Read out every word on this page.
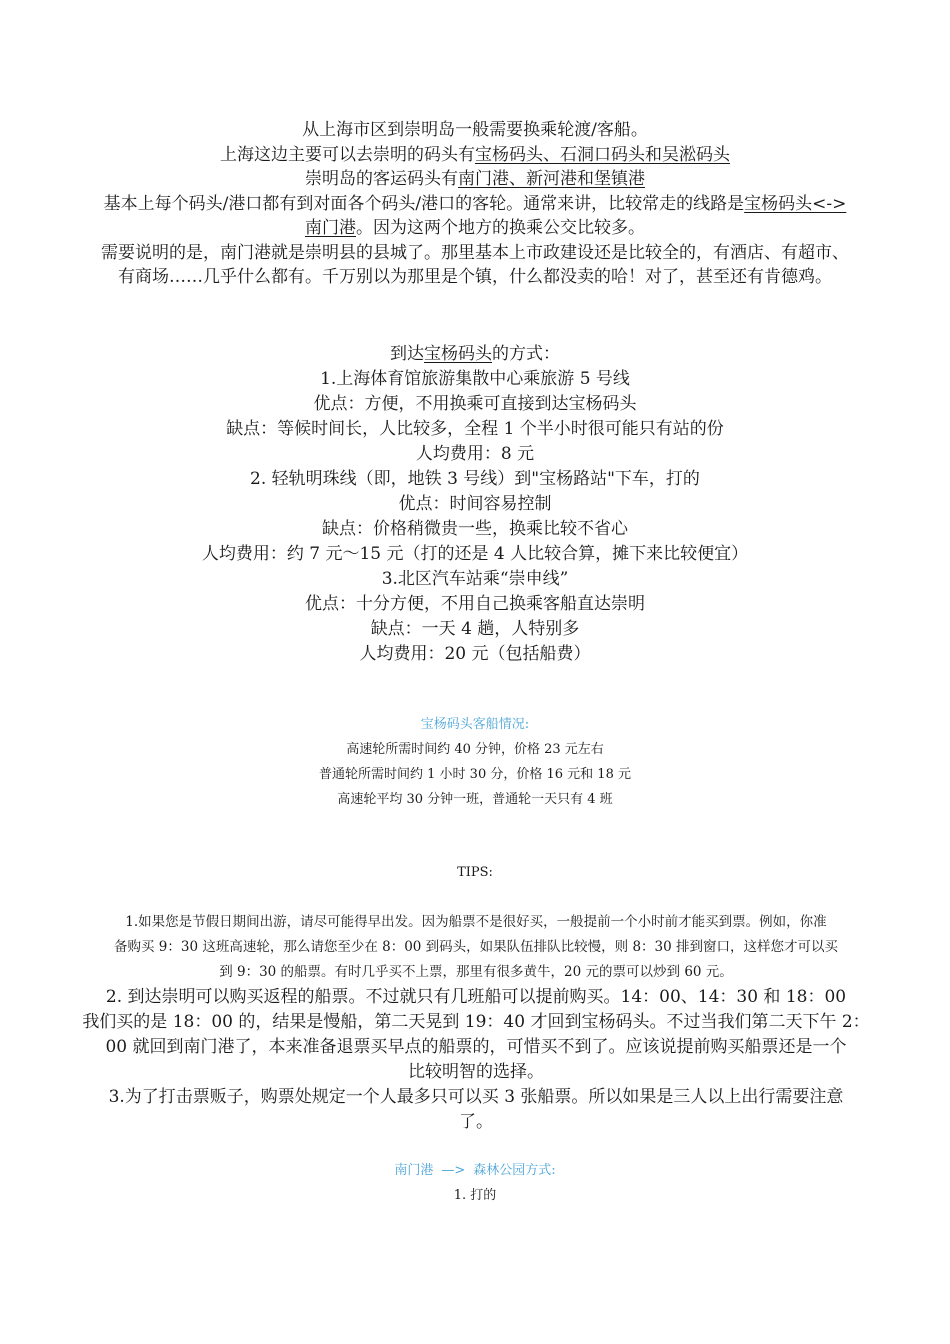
从上海市区到崇明岛一般需要换乘轮渡/客船。
上海这边主要可以去崇明的码头有宝杨码头、石洞口码头和吴淞码头
崇明岛的客运码头有南门港、新河港和堡镇港
基本上每个码头/港口都有到对面各个码头/港口的客轮。通常来讲，比较常走的线路是宝杨码头<->
南门港。因为这两个地方的换乘公交比较多。
需要说明的是，南门港就是崇明县的县城了。那里基本上市政建设还是比较全的，有酒店、有超市、
有商场……几乎什么都有。千万别以为那里是个镇，什么都没卖的哈！对了，甚至还有肯德鸡。
到达宝杨码头的方式：
1.上海体育馆旅游集散中心乘旅游 5 号线
优点：方便，不用换乘可直接到达宝杨码头
缺点：等候时间长，人比较多，全程 1 个半小时很可能只有站的份
人均费用：8 元
2. 轻轨明珠线（即，地铁 3 号线）到"宝杨路站"下车，打的
优点：时间容易控制
缺点：价格稍微贵一些，换乘比较不省心
人均费用：约 7 元～15 元（打的还是 4 人比较合算，摊下来比较便宜）
3.北区汽车站乘“崇申线”
优点：十分方便，不用自己换乘客船直达崇明
缺点：一天 4 趟，人特别多
人均费用：20 元（包括船费）
宝杨码头客船情况:
高速轮所需时间约 40 分钟，价格 23 元左右
普通轮所需时间约 1 小时 30 分，价格 16 元和 18 元
高速轮平均 30 分钟一班，普通轮一天只有 4 班
TIPS:
1.如果您是节假日期间出游，请尽可能得早出发。因为船票不是很好买，一般提前一个小时前才能买到票。例如，你准
备购买 9：30 这班高速轮，那么请您至少在 8：00 到码头，如果队伍排队比较慢，则 8：30 排到窗口，这样您才可以买
到 9：30 的船票。有时几乎买不上票，那里有很多黄牛，20 元的票可以炒到 60 元。
2. 到达崇明可以购买返程的船票。不过就只有几班船可以提前购买。14：00、14：30 和 18：00
我们买的是 18：00 的，结果是慢船，第二天晃到 19：40 才回到宝杨码头。不过当我们第二天下午 2：
00 就回到南门港了，本来准备退票买早点的船票的，可惜买不到了。应该说提前购买船票还是一个
比较明智的选择。
3.为了打击票贩子，购票处规定一个人最多只可以买 3 张船票。所以如果是三人以上出行需要注意
了。
南门港 —> 森林公园方式:
1. 打的
